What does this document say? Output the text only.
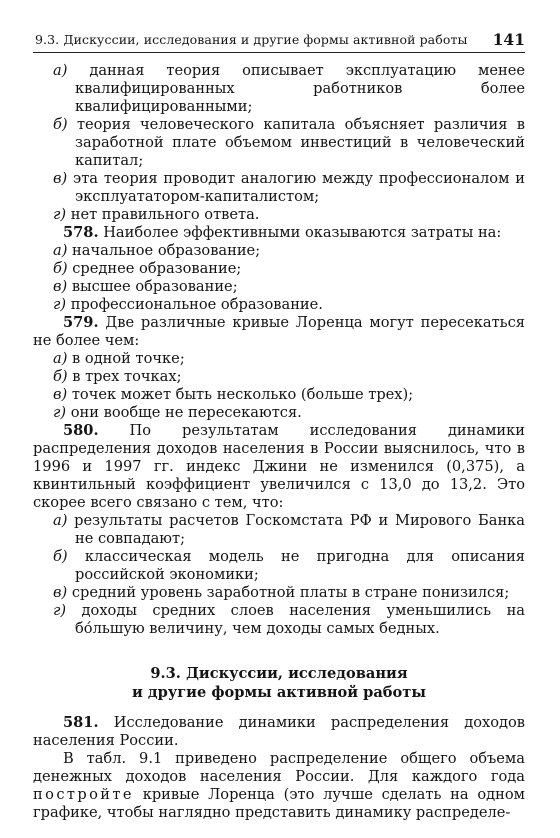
9.3. Дискуссии, исследования и другие формы активной работы 141

а) данная теория описывает эксплуатацию менее квалифицированных работников более квалифицированными;

б) теория человеческого капитала объясняет различия в заработной плате объемом инвестиций в человеческий капитал;

в) эта теория проводит аналогию между профессионалом и эксплуататором-капиталистом;

г) нет правильного ответа.

578. Наиболее эффективными оказываются затраты на:

а) начальное образование;

б) среднее образование;

в) высшее образование;

г) профессиональное образование.

579. Две различные кривые Лоренца могут пересекаться не более чем:

а) в одной точке;

б) в трех точках;

в) точек может быть несколько (больше трех);

г) они вообще не пересекаются.

580. По результатам исследования динамики распределения доходов населения в России выяснилось, что в 1996 и 1997 гг. индекс Джини не изменился (0,375), а квинтильный коэффициент увеличился с 13,0 до 13,2. Это скорее всего связано с тем, что:

а) результаты расчетов Госкомстата РФ и Мирового Банка не совпадают;

б) классическая модель не пригодна для описания российской экономики;

в) средний уровень заработной платы в стране понизился;

г) доходы средних слоев населения уменьшились на бо́льшую величину, чем доходы самых бедных.

9.3. Дискуссии, исследования
и другие формы активной работы

581. Исследование динамики распределения доходов населения России.

В табл. 9.1 приведено распределение общего объема денежных доходов населения России. Для каждого года постройте кривые Лоренца (это лучше сделать на одном графике, чтобы наглядно представить динамику распределе-
